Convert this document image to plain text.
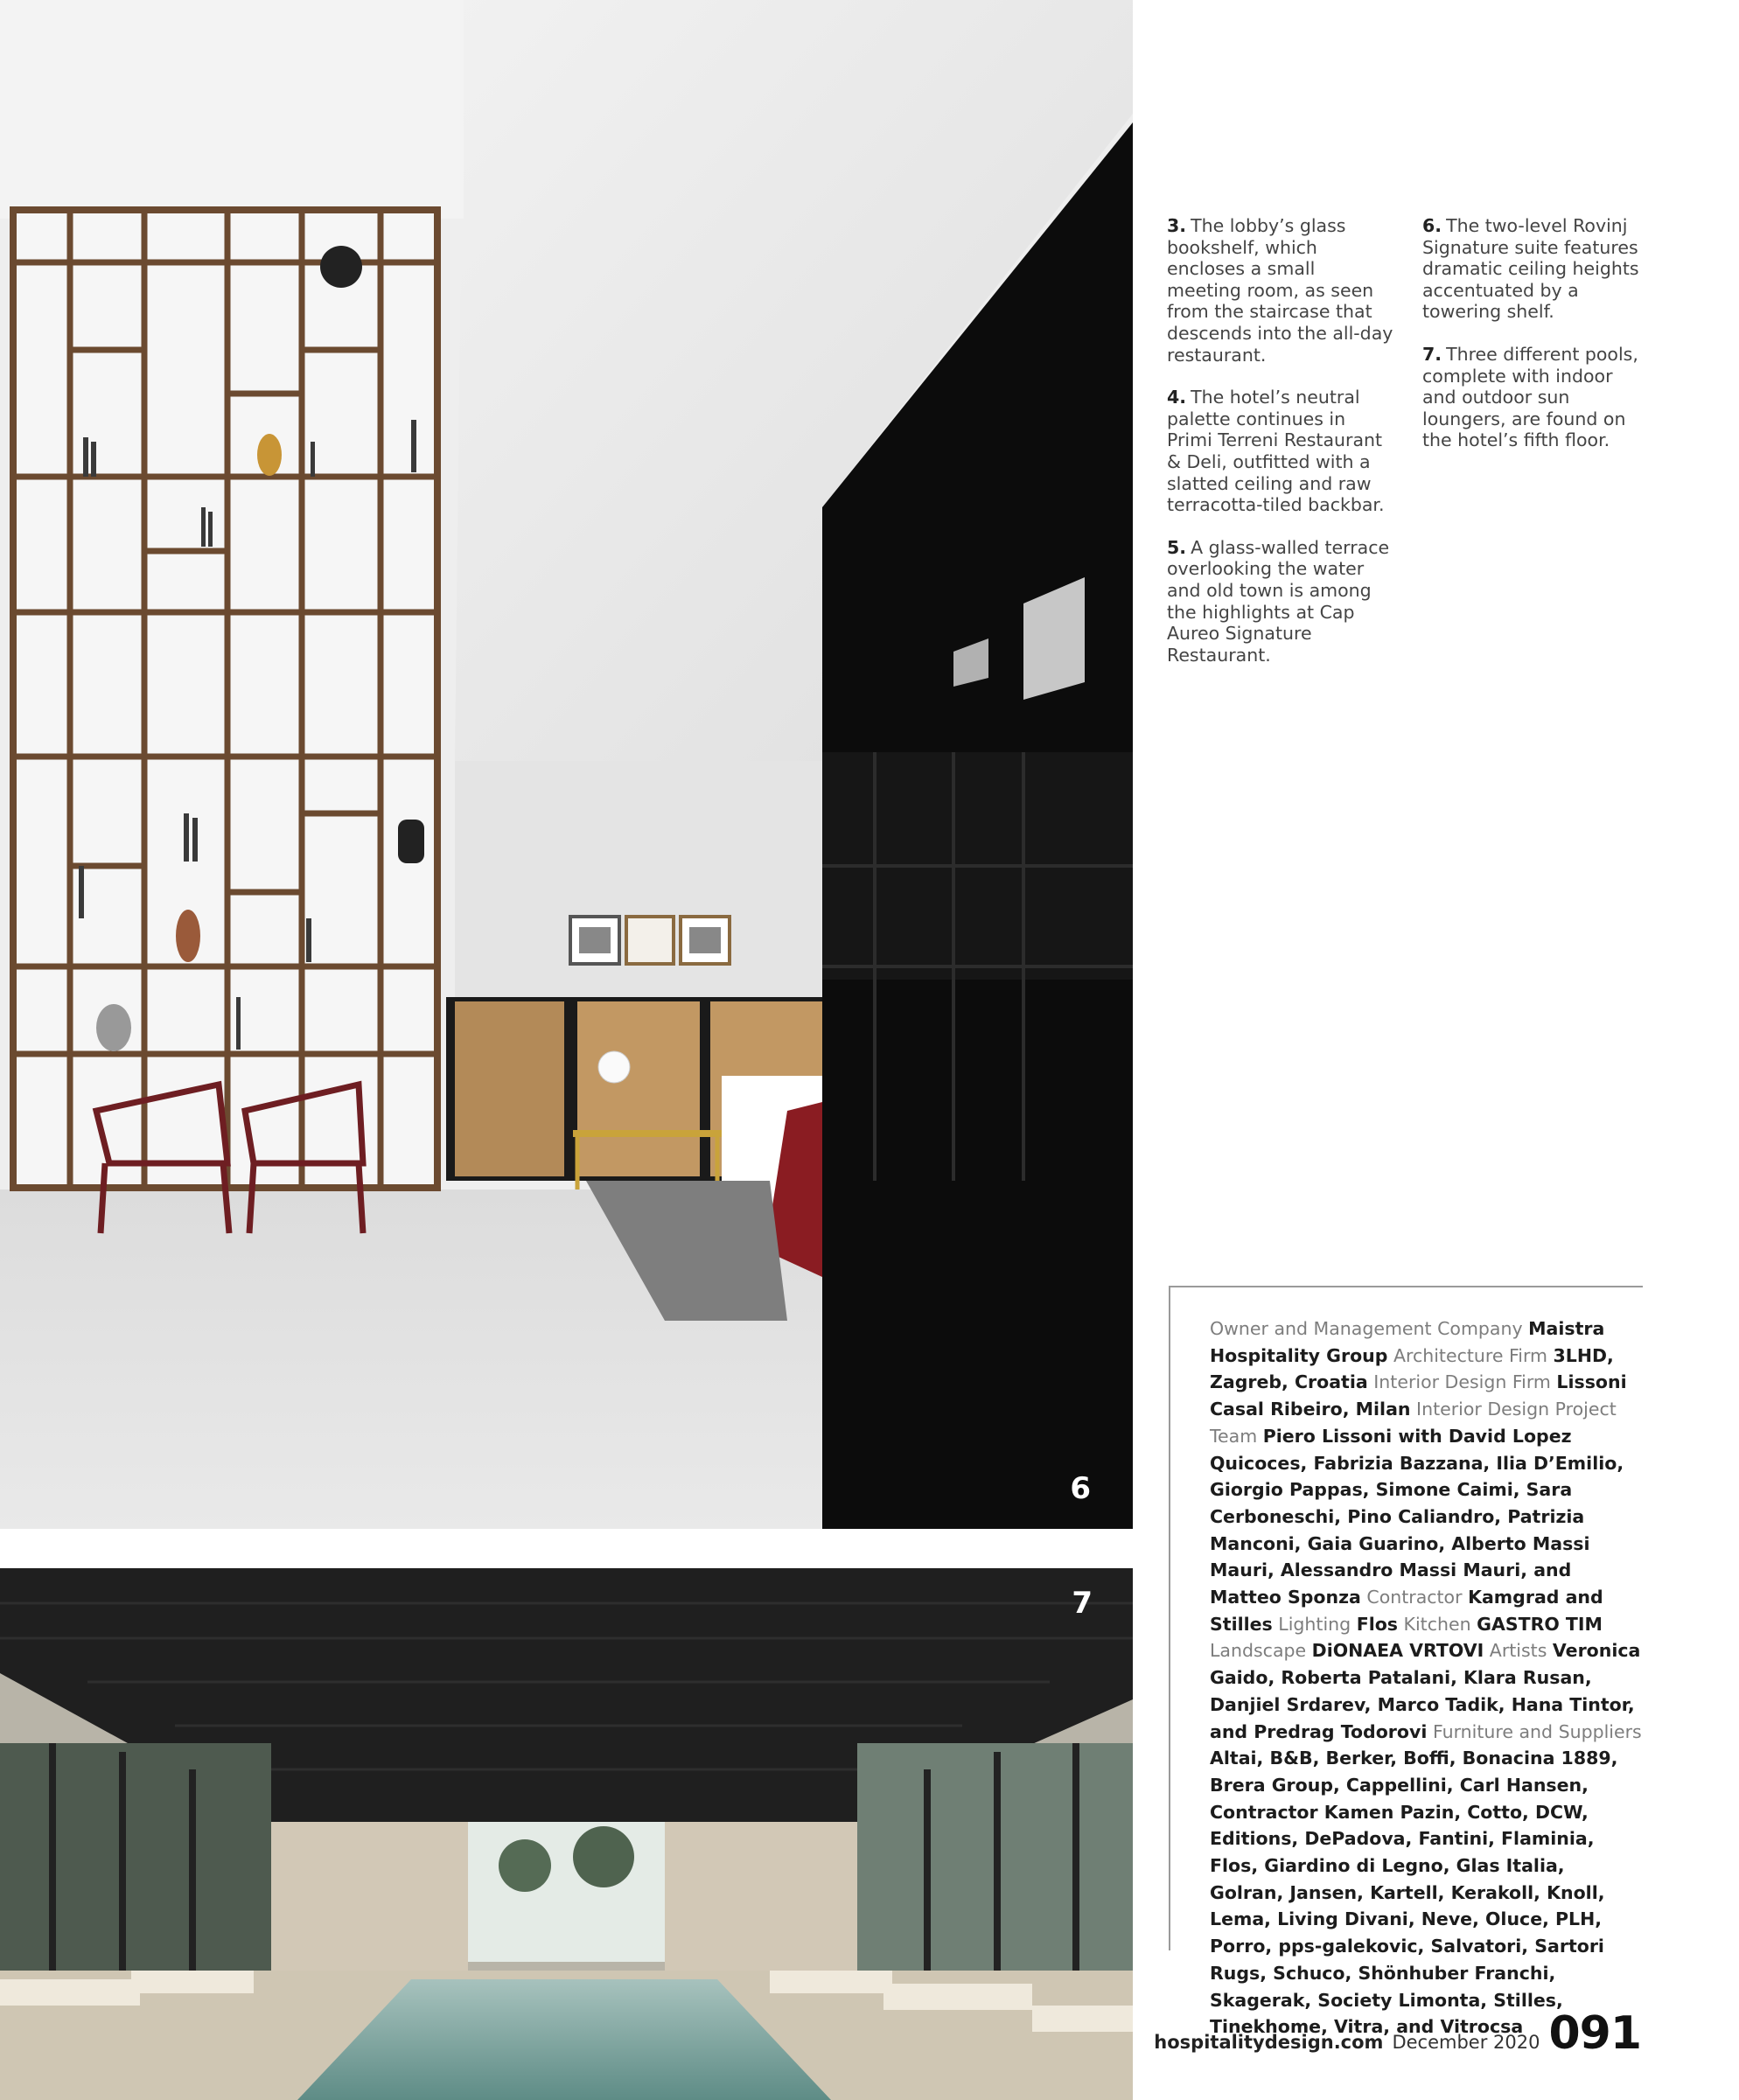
6
7

3. The lobby’s glass bookshelf, which encloses a small meeting room, as seen from the staircase that descends into the all-day restaurant.

4. The hotel’s neutral palette continues in Primi Terreni Restaurant & Deli, outfitted with a slatted ceiling and raw terracotta-tiled backbar.

5. A glass-walled terrace overlooking the water and old town is among the highlights at Cap Aureo Signature Restaurant.

6. The two-level Rovinj Signature suite features dramatic ceiling heights accentuated by a towering shelf.

7. Three different pools, complete with indoor and outdoor sun loungers, are found on the hotel’s fifth floor.

Owner and Management Company Maistra Hospitality Group Architecture Firm 3LHD, Zagreb, Croatia Interior Design Firm Lissoni Casal Ribeiro, Milan Interior Design Project Team Piero Lissoni with David Lopez Quicoces, Fabrizia Bazzana, Ilia D’Emilio, Giorgio Pappas, Simone Caimi, Sara Cerboneschi, Pino Caliandro, Patrizia Manconi, Gaia Guarino, Alberto Massi Mauri, Alessandro Massi Mauri, and Matteo Sponza Contractor Kamgrad and Stilles Lighting Flos Kitchen GASTRO TIM Landscape DiONAEA VRTOVI Artists Veronica Gaido, Roberta Patalani, Klara Rusan, Danjiel Srdarev, Marco Tadik, Hana Tintor, and Predrag Todorovi Furniture and Suppliers Altai, B&B, Berker, Boffi, Bonacina 1889, Brera Group, Cappellini, Carl Hansen, Contractor Kamen Pazin, Cotto, DCW, Editions, DePadova, Fantini, Flaminia, Flos, Giardino di Legno, Glas Italia, Golran, Jansen, Kartell, Kerakoll, Knoll, Lema, Living Divani, Neve, Oluce, PLH, Porro, pps-galekovic, Salvatori, Sartori Rugs, Schuco, Shönhuber Franchi, Skagerak, Society Limonta, Stilles, Tinekhome, Vitra, and Vitrocsa
hospitalitydesign.com December 2020 091
